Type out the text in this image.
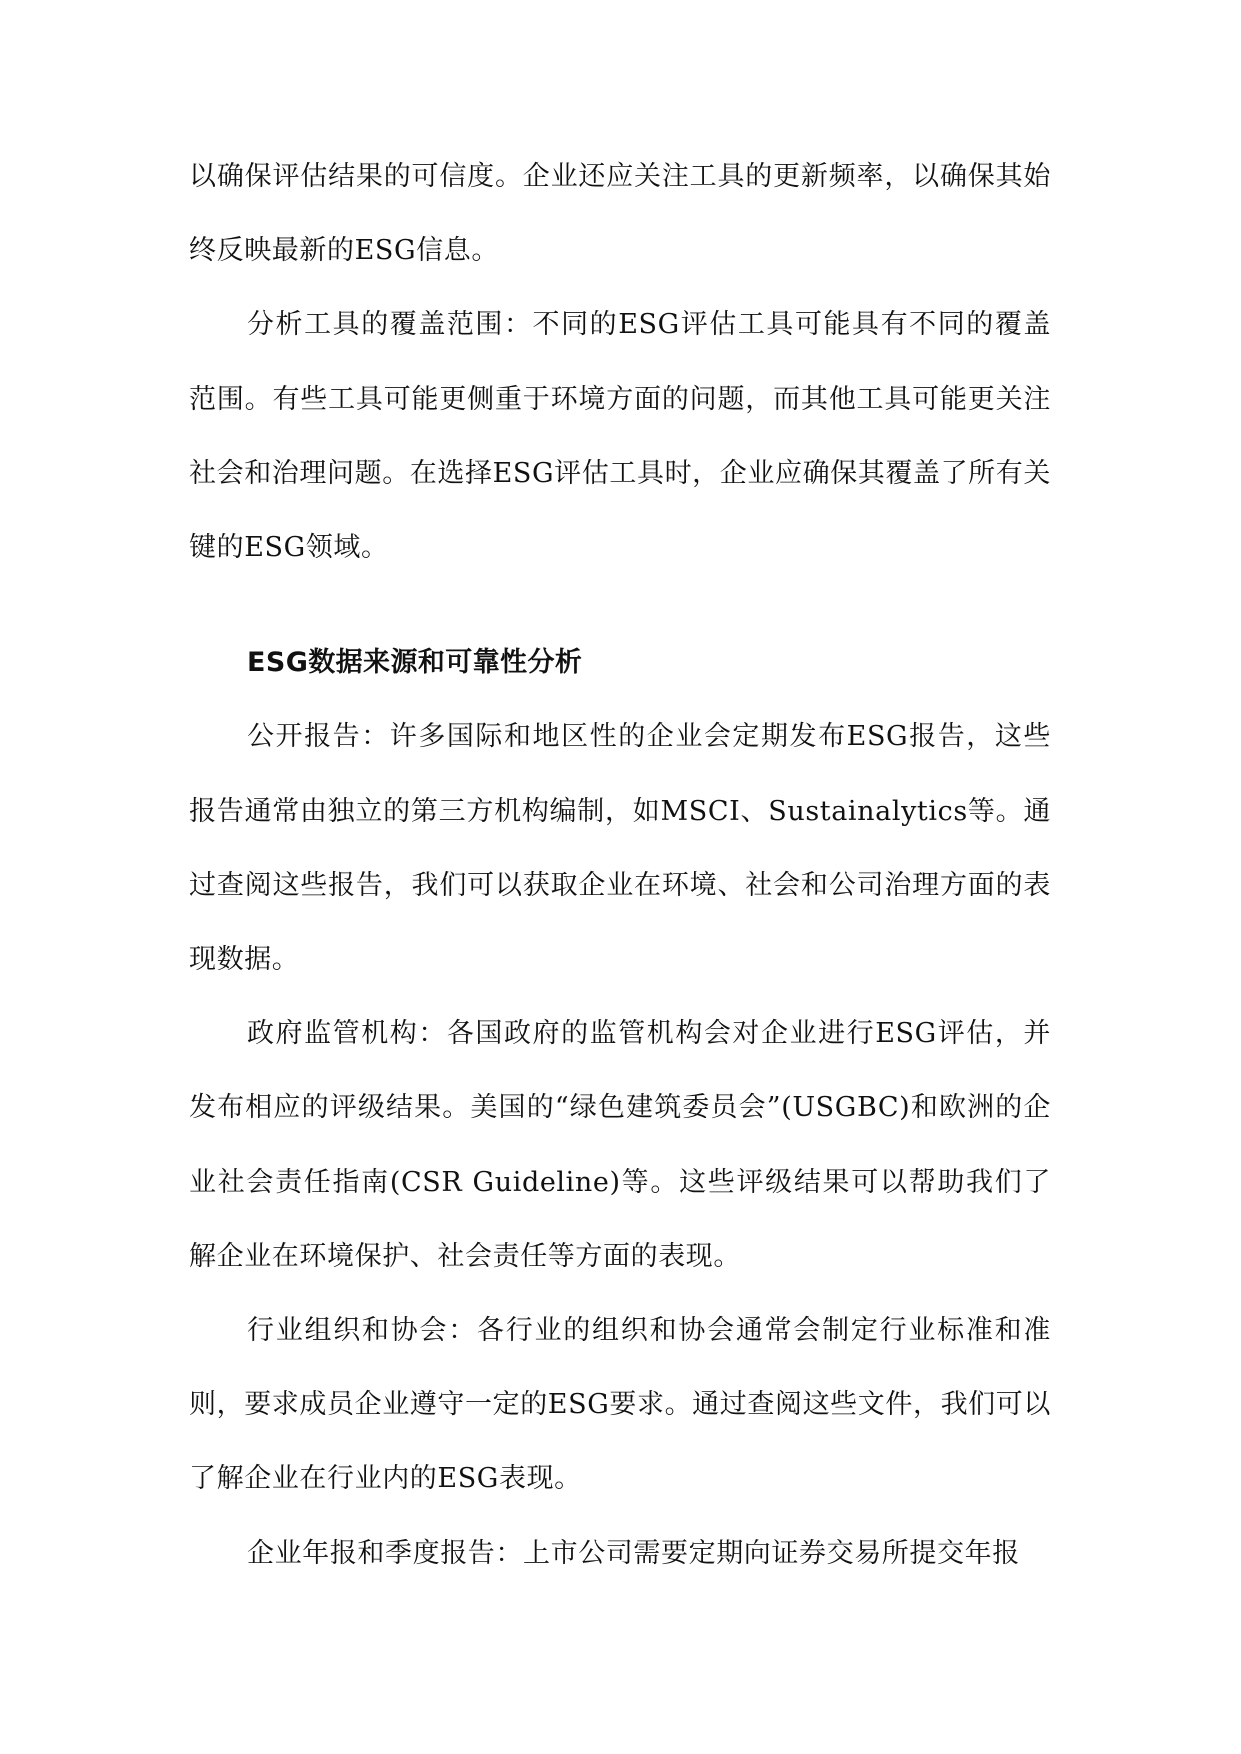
以确保评估结果的可信度。企业还应关注工具的更新频率，以确保其始终反映最新的ESG信息。

分析工具的覆盖范围：不同的ESG评估工具可能具有不同的覆盖范围。有些工具可能更侧重于环境方面的问题，而其他工具可能更关注社会和治理问题。在选择ESG评估工具时，企业应确保其覆盖了所有关键的ESG领域。

ESG数据来源和可靠性分析

公开报告：许多国际和地区性的企业会定期发布ESG报告，这些报告通常由独立的第三方机构编制，如MSCI、Sustainalytics等。通过查阅这些报告，我们可以获取企业在环境、社会和公司治理方面的表现数据。

政府监管机构：各国政府的监管机构会对企业进行ESG评估，并发布相应的评级结果。美国的“绿色建筑委员会”(USGBC)和欧洲的企业社会责任指南(CSR Guideline)等。这些评级结果可以帮助我们了解企业在环境保护、社会责任等方面的表现。

行业组织和协会：各行业的组织和协会通常会制定行业标准和准则，要求成员企业遵守一定的ESG要求。通过查阅这些文件，我们可以了解企业在行业内的ESG表现。

企业年报和季度报告：上市公司需要定期向证券交易所提交年报
